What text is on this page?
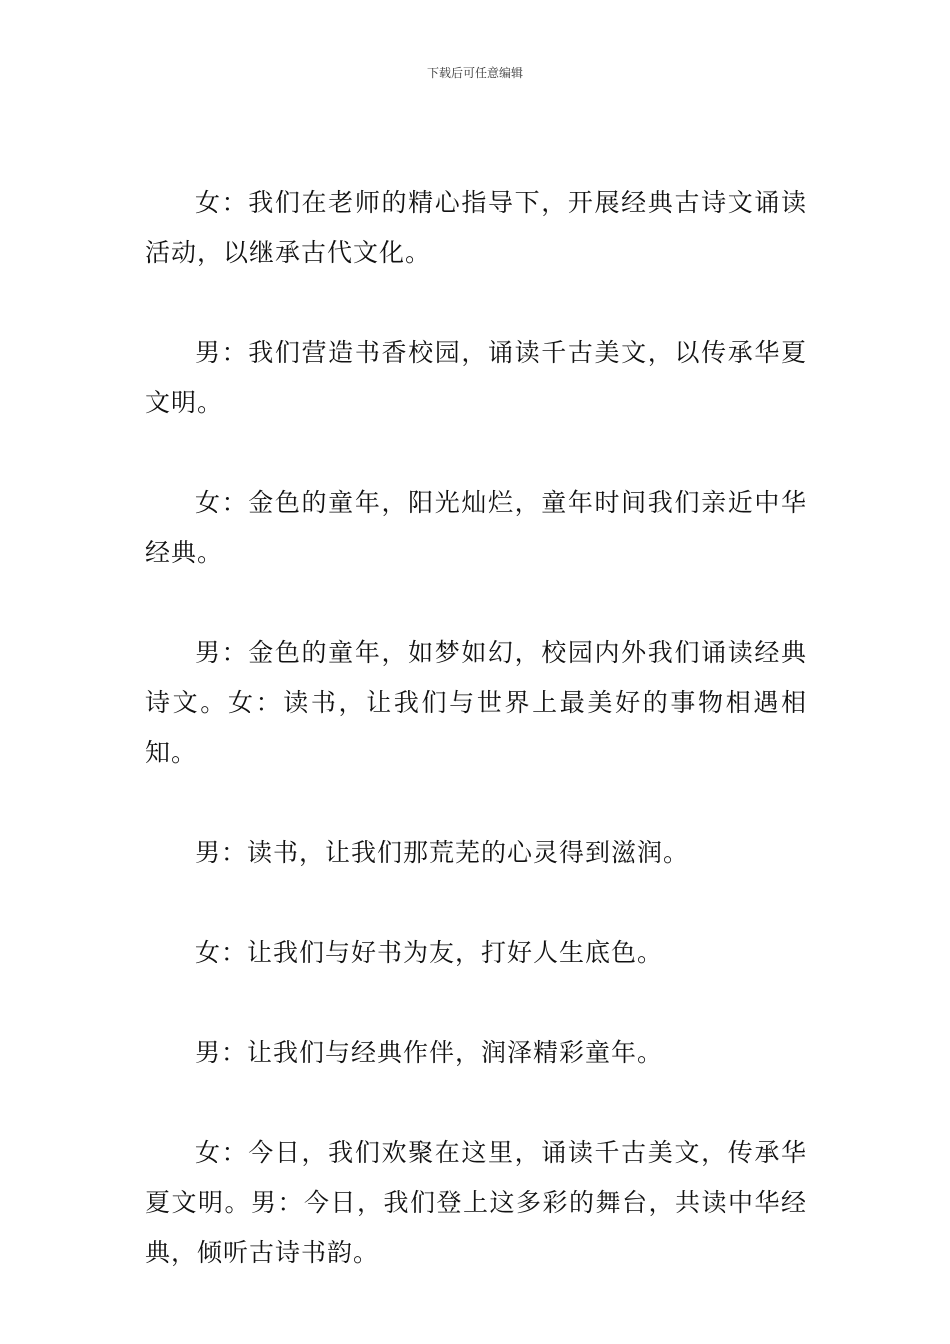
下载后可任意编辑

女：我们在老师的精心指导下，开展经典古诗文诵读活动，以继承古代文化。

男：我们营造书香校园，诵读千古美文，以传承华夏文明。

女：金色的童年，阳光灿烂，童年时间我们亲近中华经典。

男：金色的童年，如梦如幻，校园内外我们诵读经典诗文。女：读书，让我们与世界上最美好的事物相遇相知。

男：读书，让我们那荒芜的心灵得到滋润。

女：让我们与好书为友，打好人生底色。

男：让我们与经典作伴，润泽精彩童年。

女：今日，我们欢聚在这里，诵读千古美文，传承华夏文明。男：今日，我们登上这多彩的舞台，共读中华经典，倾听古诗书韵。
